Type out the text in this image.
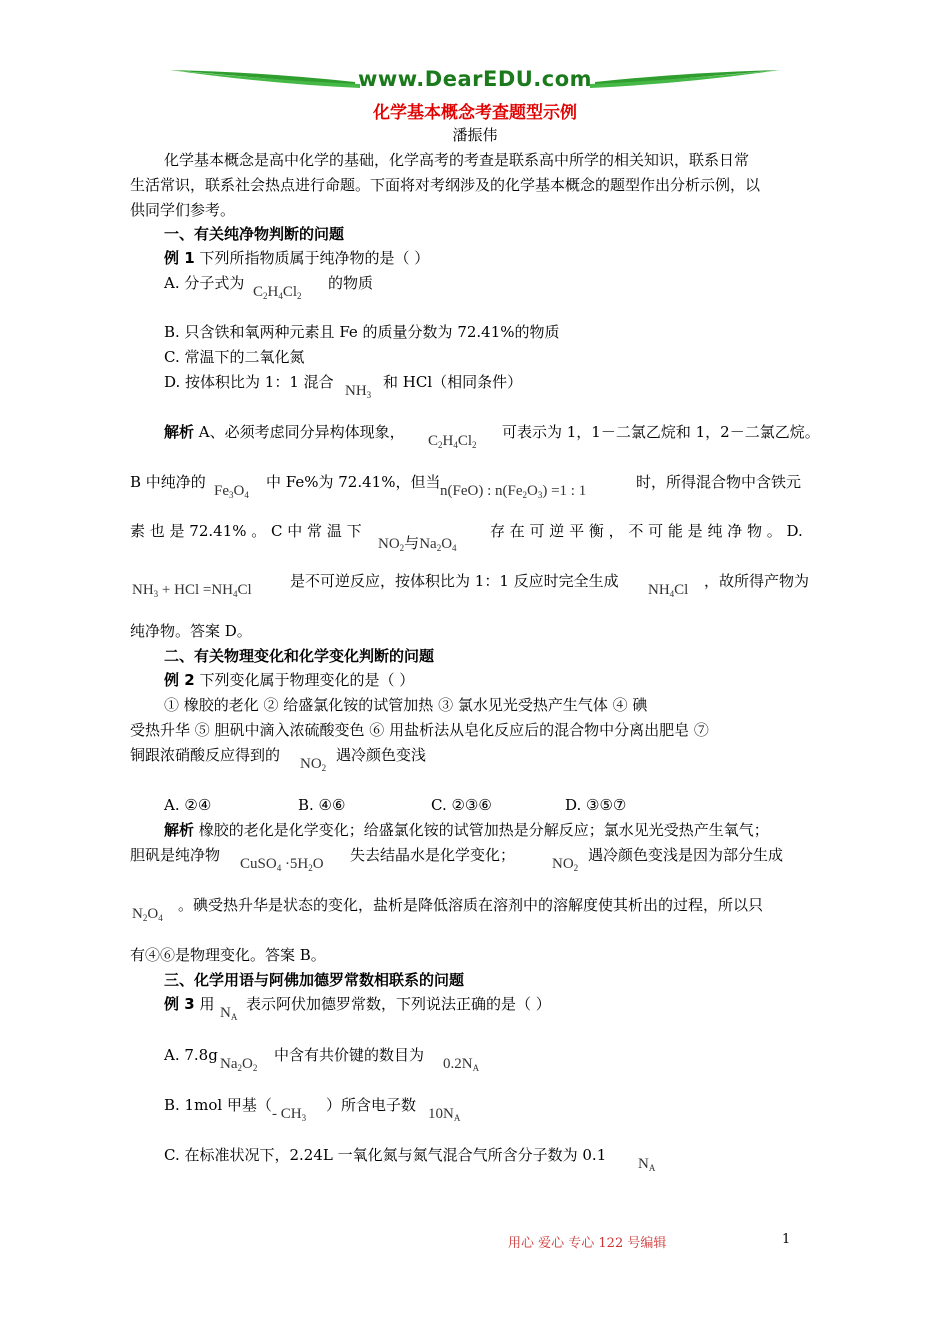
www.DearEDU.com
化学基本概念考查题型示例
潘振伟
化学基本概念是高中化学的基础，化学高考的考查是联系高中所学的相关知识，联系日常
生活常识，联系社会热点进行命题。下面将对考纲涉及的化学基本概念的题型作出分析示例，以
供同学们参考。
一、有关纯净物判断的问题
例 1 下列所指物质属于纯净物的是（ ）
A. 分子式为 $C_2H_4Cl_2$
的物质
B. 只含铁和氧两种元素且 Fe 的质量分数为 72.41%的物质
C. 常温下的二氧化氮
D. 按体积比为 1：1 混合 $NH_3$
和 HCl（相同条件）
解析 A、必须考虑同分异构体现象， $C_2H_4Cl_2$
可表示为 1，1－二氯乙烷和 1，2－二氯乙烷。
B 中纯净的 $Fe_3O_4$
中 Fe%为 72.41%，但当 n(FeO) : $n(Fe_2O_3) =1$ : 1	时，所得混合物中含铁元
素 也 是 72.41% 。 C 中 常 温 下
$NO_2$与$Na_2O_4$
存 在 可 逆 平 衡 ， 不 可 能 是 纯 净 物 。 D.
$NH_3$ + HCl $=NH_4Cl$	是不可逆反应，按体积比为 1：1 反应时完全生成 $NH_4Cl$ ，故所得产物为
纯净物。答案 D。
二、有关物理变化和化学变化判断的问题
例 2 下列变化属于物理变化的是（ ）
① 橡胶的老化 ② 给盛氯化铵的试管加热 ③ 氯水见光受热产生气体 ④ 碘
受热升华 ⑤ 胆矾中滴入浓硫酸变色 ⑥ 用盐析法从皂化反应后的混合物中分离出肥皂 ⑦
铜跟浓硝酸反应得到的 $NO_2$
遇冷颜色变浅
A. ②④	B. ④⑥	C. ②③⑥	D. ③⑤⑦
解析 橡胶的老化是化学变化；给盛氯化铵的试管加热是分解反应；氯水见光受热产生氧气；
胆矾是纯净物 CuSO$_4$ $\cdot 5H_2O$ 失去结晶水是化学变化； $NO_2$
遇冷颜色变浅是因为部分生成
$N_2O_4$
。碘受热升华是状态的变化，盐析是降低溶质在溶剂中的溶解度使其析出的过程，所以只
有④⑥是物理变化。答案 B。
三、化学用语与阿佛加德罗常数相联系的问题
例 3 用 $N_A$
表示阿伏加德罗常数，下列说法正确的是（ ）
A. 7.8g $Na_2O_2$
中含有共价键的数目为 $0.2N_A$
B. 1mol 甲基（ - $CH_3$
）所含电子数 $10N_A$
C. 在标准状况下，2.24L 一氧化氮与氮气混合气所含分子数为 0.1 $N_A$
用心 爱心 专心 122 号编辑	1
